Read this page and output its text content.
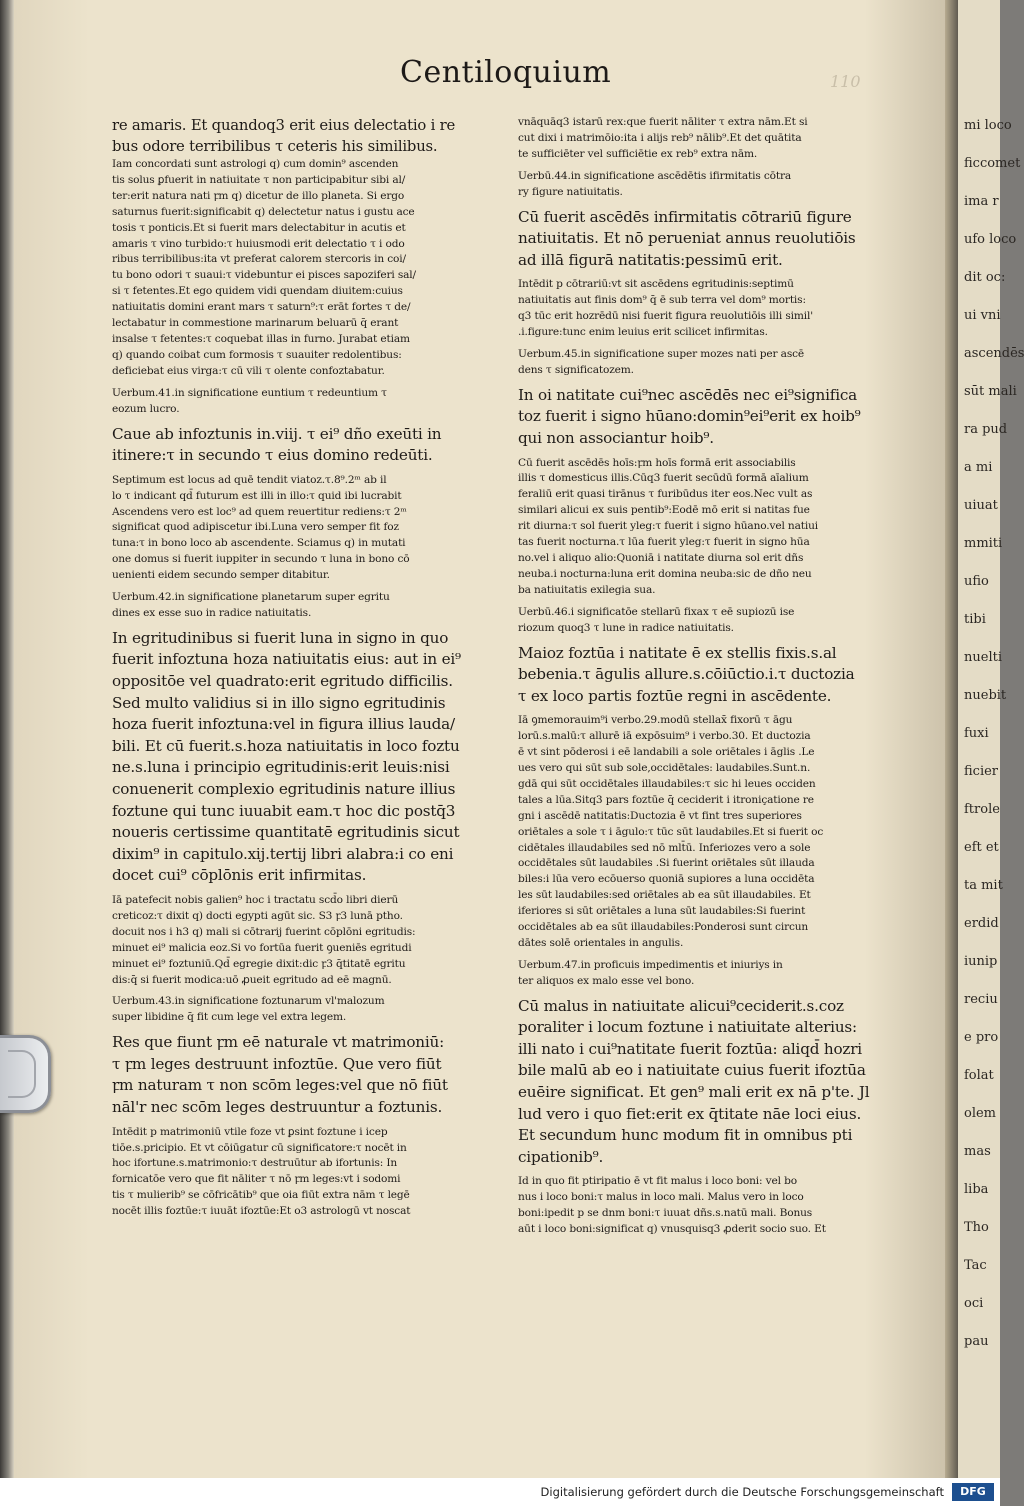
mi loco
ficcomet
ima r
ufo loco
dit oc:
ui vni
ascendēs
sūt mali
ra pud
a mi
uiuat
mmiti
ufio
tibi
nuelti
nuebit
fuxi
ficier
ftrole
eft et
ta mit
erdid
iunip
reciu
e pro
folat
olem
mas
liba
Tho
Tac
oci
pau
110
Centiloquium

re amaris. Et quandoq3 erit eius delectatio i re
bus odore terribilibus τ ceteris his similibus.

Iam concordati sunt astrologi q) cum domin⁹ ascenden
tis solus ꝑfuerit in natiuitate τ non participabitur sibi al/
ter:erit natura nati ꝼm q) dicetur de illo planeta. Si ergo
saturnus fuerit:significabit q) delectetur natus i gustu ace
tosis τ ponticis.Et si fuerit mars delectabitur in acutis et
amaris τ vino turbido:τ huiusmodi erit delectatio τ i odo
ribus terribilibus:ita vt preferat calorem stercoris in coi/
tu bono odori τ suaui:τ videbuntur ei pisces sapoziferi sal/
si τ fetentes.Et ego quidem vidi quendam diuitem:cuius
natiuitatis domini erant mars τ saturn⁹:τ erāt fortes τ de/
lectabatur in commestione marinarum beluarū q̄ erant
insalse τ fetentes:τ coquebat illas in furno. Jurabat etiam
q) quando coibat cum formosis τ suauiter redolentibus:
deficiebat eius virga:τ cū vili τ olente confoztabatur.

Uerbum.41.in significatione euntium τ redeuntium τ
eozum lucro.

Caue ab infoztunis in.viij. τ ei⁹ dño exeūti in
itinere:τ in secundo τ eius domino redeūti.

Septimum est locus ad quē tendit viatoz.τ.8⁹.2ᵐ ab il
lo τ indicant qd̄ futurum est illi in illo:τ quid ibi lucrabit
Ascendens vero est loc⁹ ad quem reuertitur rediens:τ 2ᵐ
significat quod adipiscetur ibi.Luna vero semper fit foz
tuna:τ in bono loco ab ascendente. Sciamus q) in mutati
one domus si fuerit iuppiter in secundo τ luna in bono cō
uenienti eidem secundo semper ditabitur.

Uerbum.42.in significatione planetarum super egritu
dines ex esse suo in radice natiuitatis.

In egritudinibus si fuerit luna in signo in quo
fuerit infoztuna hoza natiuitatis eius: aut in ei⁹
oppositōe vel quadrato:erit egritudo difficilis.
Sed multo validius si in illo signo egritudinis
hoza fuerit infoztuna:vel in figura illius lauda/
bili. Et cū fuerit.s.hoza natiuitatis in loco foztu
ne.s.luna i principio egritudinis:erit leuis:nisi
conuenerit complexio egritudinis nature illius
foztune qui tunc iuuabit eam.τ hoc dic postq̄3
noueris certissime quantitatē egritudinis sicut
dixim⁹ in capitulo.xij.tertij libri alabra:i co eni
docet cui⁹ cōplōnis erit infirmitas.

Iā patefecit nobis galien⁹ hoc i tractatu scd̄o libri dierū
creticoz:τ dixit q) docti egypti agūt sic. S3 ꝼ3 lunā ptho.
docuit nos i h3 q) mali si cōtrarij fuerint cōplōni egritudis:
minuet ei⁹ malicia eoz.Si vo fortūa fuerit ꝯueniēs egritudi
minuet ei⁹ foztuniū.Qd̄ egregie dixit:dic ꝼ3 q̄titatē egritu
dis:q̄ si fuerit modica:uō ꝓueit egritudo ad eē magnū.

Uerbum.43.in significatione foztunarum vl'malozum
super libidine q̄ fit cum lege vel extra legem.

Res que fiunt ꝼm eē naturale vt matrimoniū:
τ ꝼm leges destruunt infoztūe. Que vero fiūt
ꝼm naturam τ non scōm leges:vel que nō fiūt
nāl'r nec scōm leges destruuntur a foztunis.

Intēdit p matrimoniū vtile foze vt ꝑsint foztune i icep
tiōe.s.pricipio. Et vt cōiūgatur cū significatore:τ nocēt in
hoc ifortune.s.matrimonio:τ destruūtur ab ifortunis: In
fornicatōe vero que fit nāliter τ nō ꝼm leges:vt i sodomi
tis τ mulierib⁹ se cōfricātib⁹ que oia fiūt extra nām τ legē
nocēt illis foztūe:τ iuuāt ifoztūe:Et o3 astrologū vt noscat

vnāquāq3 istarū rex:que fuerit nāliter τ extra nām.Et si
cut dixi i matrimōio:ita i alijs reb⁹ nālib⁹.Et det quātita
te sufficiēter vel sufficiētie ex reb⁹ extra nām.

Uerbū.44.in significatione ascēdētis ifirmitatis cōtra
ry figure natiuitatis.

Cū fuerit ascēdēs infirmitatis cōtrariū figure
natiuitatis. Et nō perueniat annus reuolutiōis
ad illā figurā natitatis:pessimū erit.

Intēdit p cōtrariū:vt sit ascēdens egritudinis:septimū
natiuitatis aut finis dom⁹ q̄ ē sub terra vel dom⁹ mortis:
q3 tūc erit hozrēdū nisi fuerit figura reuolutiōis illi simil'
.i.figure:tunc enim leuius erit scilicet infirmitas.

Uerbum.45.in significatione super mozes nati per ascē
dens τ significatozem.

In oi natitate cui⁹nec ascēdēs nec ei⁹significa
toz fuerit i signo hūano:domin⁹ei⁹erit ex hoib⁹
qui non associantur hoib⁹.

Cū fuerit ascēdēs hoīs:ꝼm hoīs formā erit associabilis
illis τ domesticus illis.Cūq3 fuerit secūdū formā aīalium
feraliū erit quasi tirānus τ furibūdus iter eos.Nec vult as
similari alicui ex suis pentib⁹:Eodē mō erit si natitas fue
rit diurna:τ sol fuerit yleg:τ fuerit i signo hūano.vel natiui
tas fuerit nocturna.τ lūa fuerit yleg:τ fuerit in signo hūa
no.vel i aliquo alio:Quoniā i natitate diurna sol erit dñs
neuba.i nocturna:luna erit domina neuba:sic de dño neu
ba natiuitatis exilegia sua.

Uerbū.46.i significatōe stellarū fixax τ eē supiozū ise
riozum quoq3 τ lune in radice natiuitatis.

Maioz foztūa i natitate ē ex stellis fixis.s.al
bebenia.τ āgulis allure.s.cōiūctio.i.τ ductozia
τ ex loco partis foztūe regni in ascēdente.

Iā ꝯmemorauim⁹i verbo.29.modū stellax̄ fixorū τ āgu
lorū.s.malū:τ allurē iā expōsuim⁹ i verbo.30. Et ductozia
ē vt sint pōderosi i eē landabili a sole oriētales i āglis .Le
ues vero qui sūt sub sole,occidētales: laudabiles.Sunt.n.
gdā qui sūt occidētales illaudabiles:τ sic hi leues occiden
tales a lūa.Sitq3 pars foztūe q̄ ceciderit i itroniçatione re
gni i ascēdē natitatis:Ductozia ē vt fint tres superiores
oriētales a sole τ i āgulo:τ tūc sūt laudabiles.Et si fuerit oc
cidētales illaudabiles sed nō mlt̄ū. Inferiozes vero a sole
occidētales sūt laudabiles .Si fuerint oriētales sūt illauda
biles:i lūa vero ecōuerso quoniā supiores a luna occidēta
les sūt laudabiles:sed oriētales ab ea sūt illaudabiles. Et
iferiores si sūt oriētales a luna sūt laudabiles:Si fuerint
occidētales ab ea sūt illaudabiles:Ponderosi sunt circun
dātes solē orientales in angulis.

Uerbum.47.in proficuis impedimentis et iniuriys in
ter aliquos ex malo esse vel bono.

Cū malus in natiuitate alicui⁹ceciderit.s.coz
poraliter i locum foztune i natiuitate alterius:
illi nato i cui⁹natitate fuerit foztūa: aliqd̄ hozri
bile malū ab eo i natiuitate cuius fuerit ifoztūa
euēire significat. Et gen⁹ mali erit ex nā p'te. Jl
lud vero i quo fiet:erit ex q̄titate nāe loci eius.
Et secundum hunc modum fit in omnibus pti
cipationib⁹.

Id in quo fit ptiripatio ē vt fit malus i loco boni: vel bo
nus i loco boni:τ malus in loco mali. Malus vero in loco
boni:ipedit p se dnm boni:τ iuuat dñs.s.natū mali. Bonus
aūt i loco boni:significat q) vnusquisq3 ꝓderit socio suo. Et

Digitalisierung gefördert durch die Deutsche Forschungsgemeinschaft	DFG
